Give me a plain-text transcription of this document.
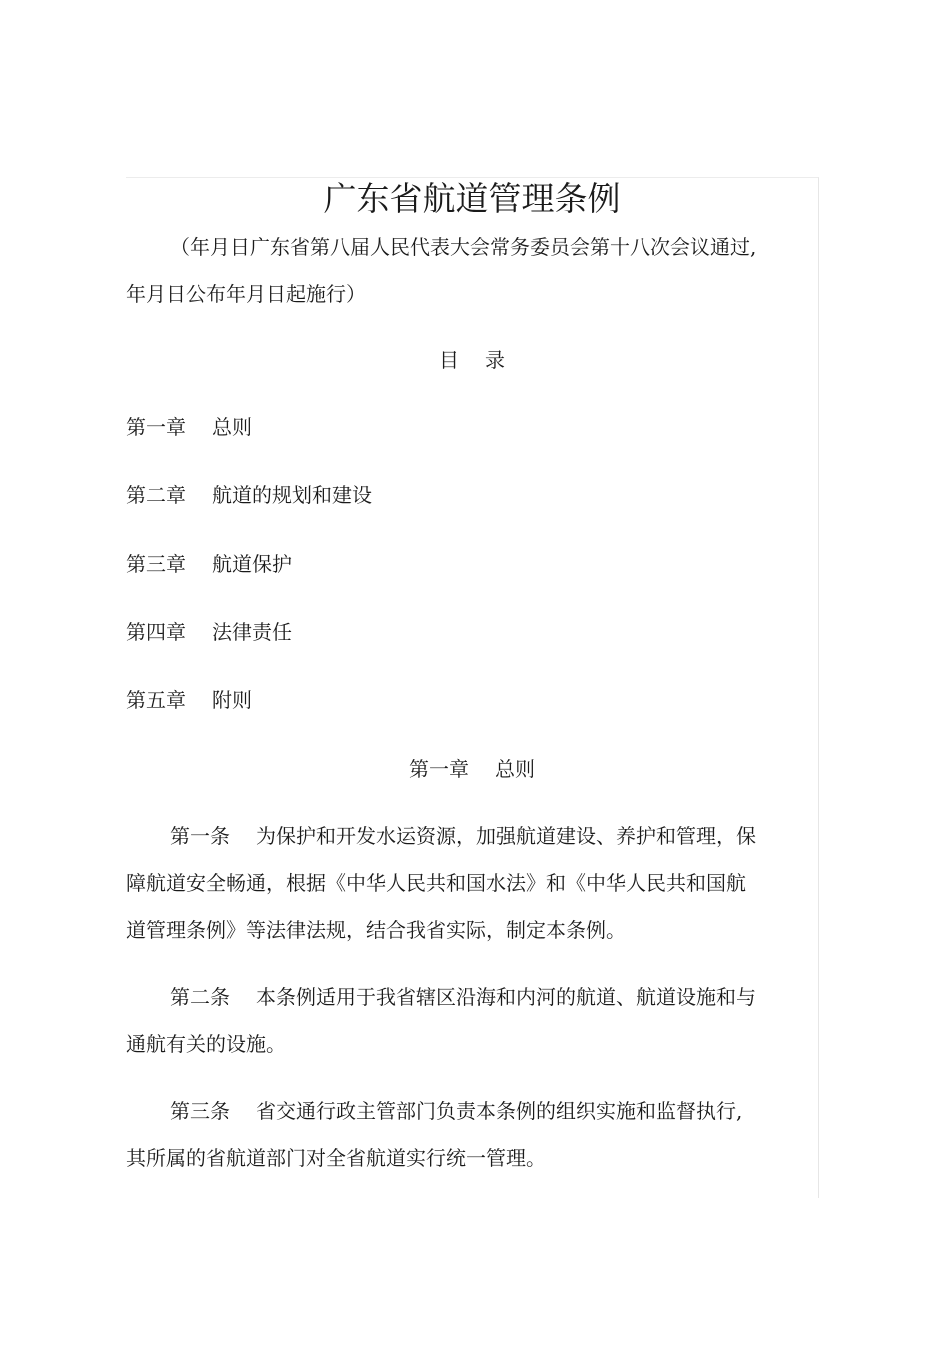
广东省航道管理条例

（年月日广东省第八届人民代表大会常务委员会第十八次会议通过,

年月日公布年月日起施行）

目 录

第一章 总则

第二章 航道的规划和建设

第三章 航道保护

第四章 法律责任

第五章 附则

第一章 总则

第一条 为保护和开发水运资源，加强航道建设、养护和管理，保

障航道安全畅通，根据《中华人民共和国水法》和《中华人民共和国航

道管理条例》等法律法规，结合我省实际，制定本条例。

第二条 本条例适用于我省辖区沿海和内河的航道、航道设施和与

通航有关的设施。

第三条 省交通行政主管部门负责本条例的组织实施和监督执行,

其所属的省航道部门对全省航道实行统一管理。
